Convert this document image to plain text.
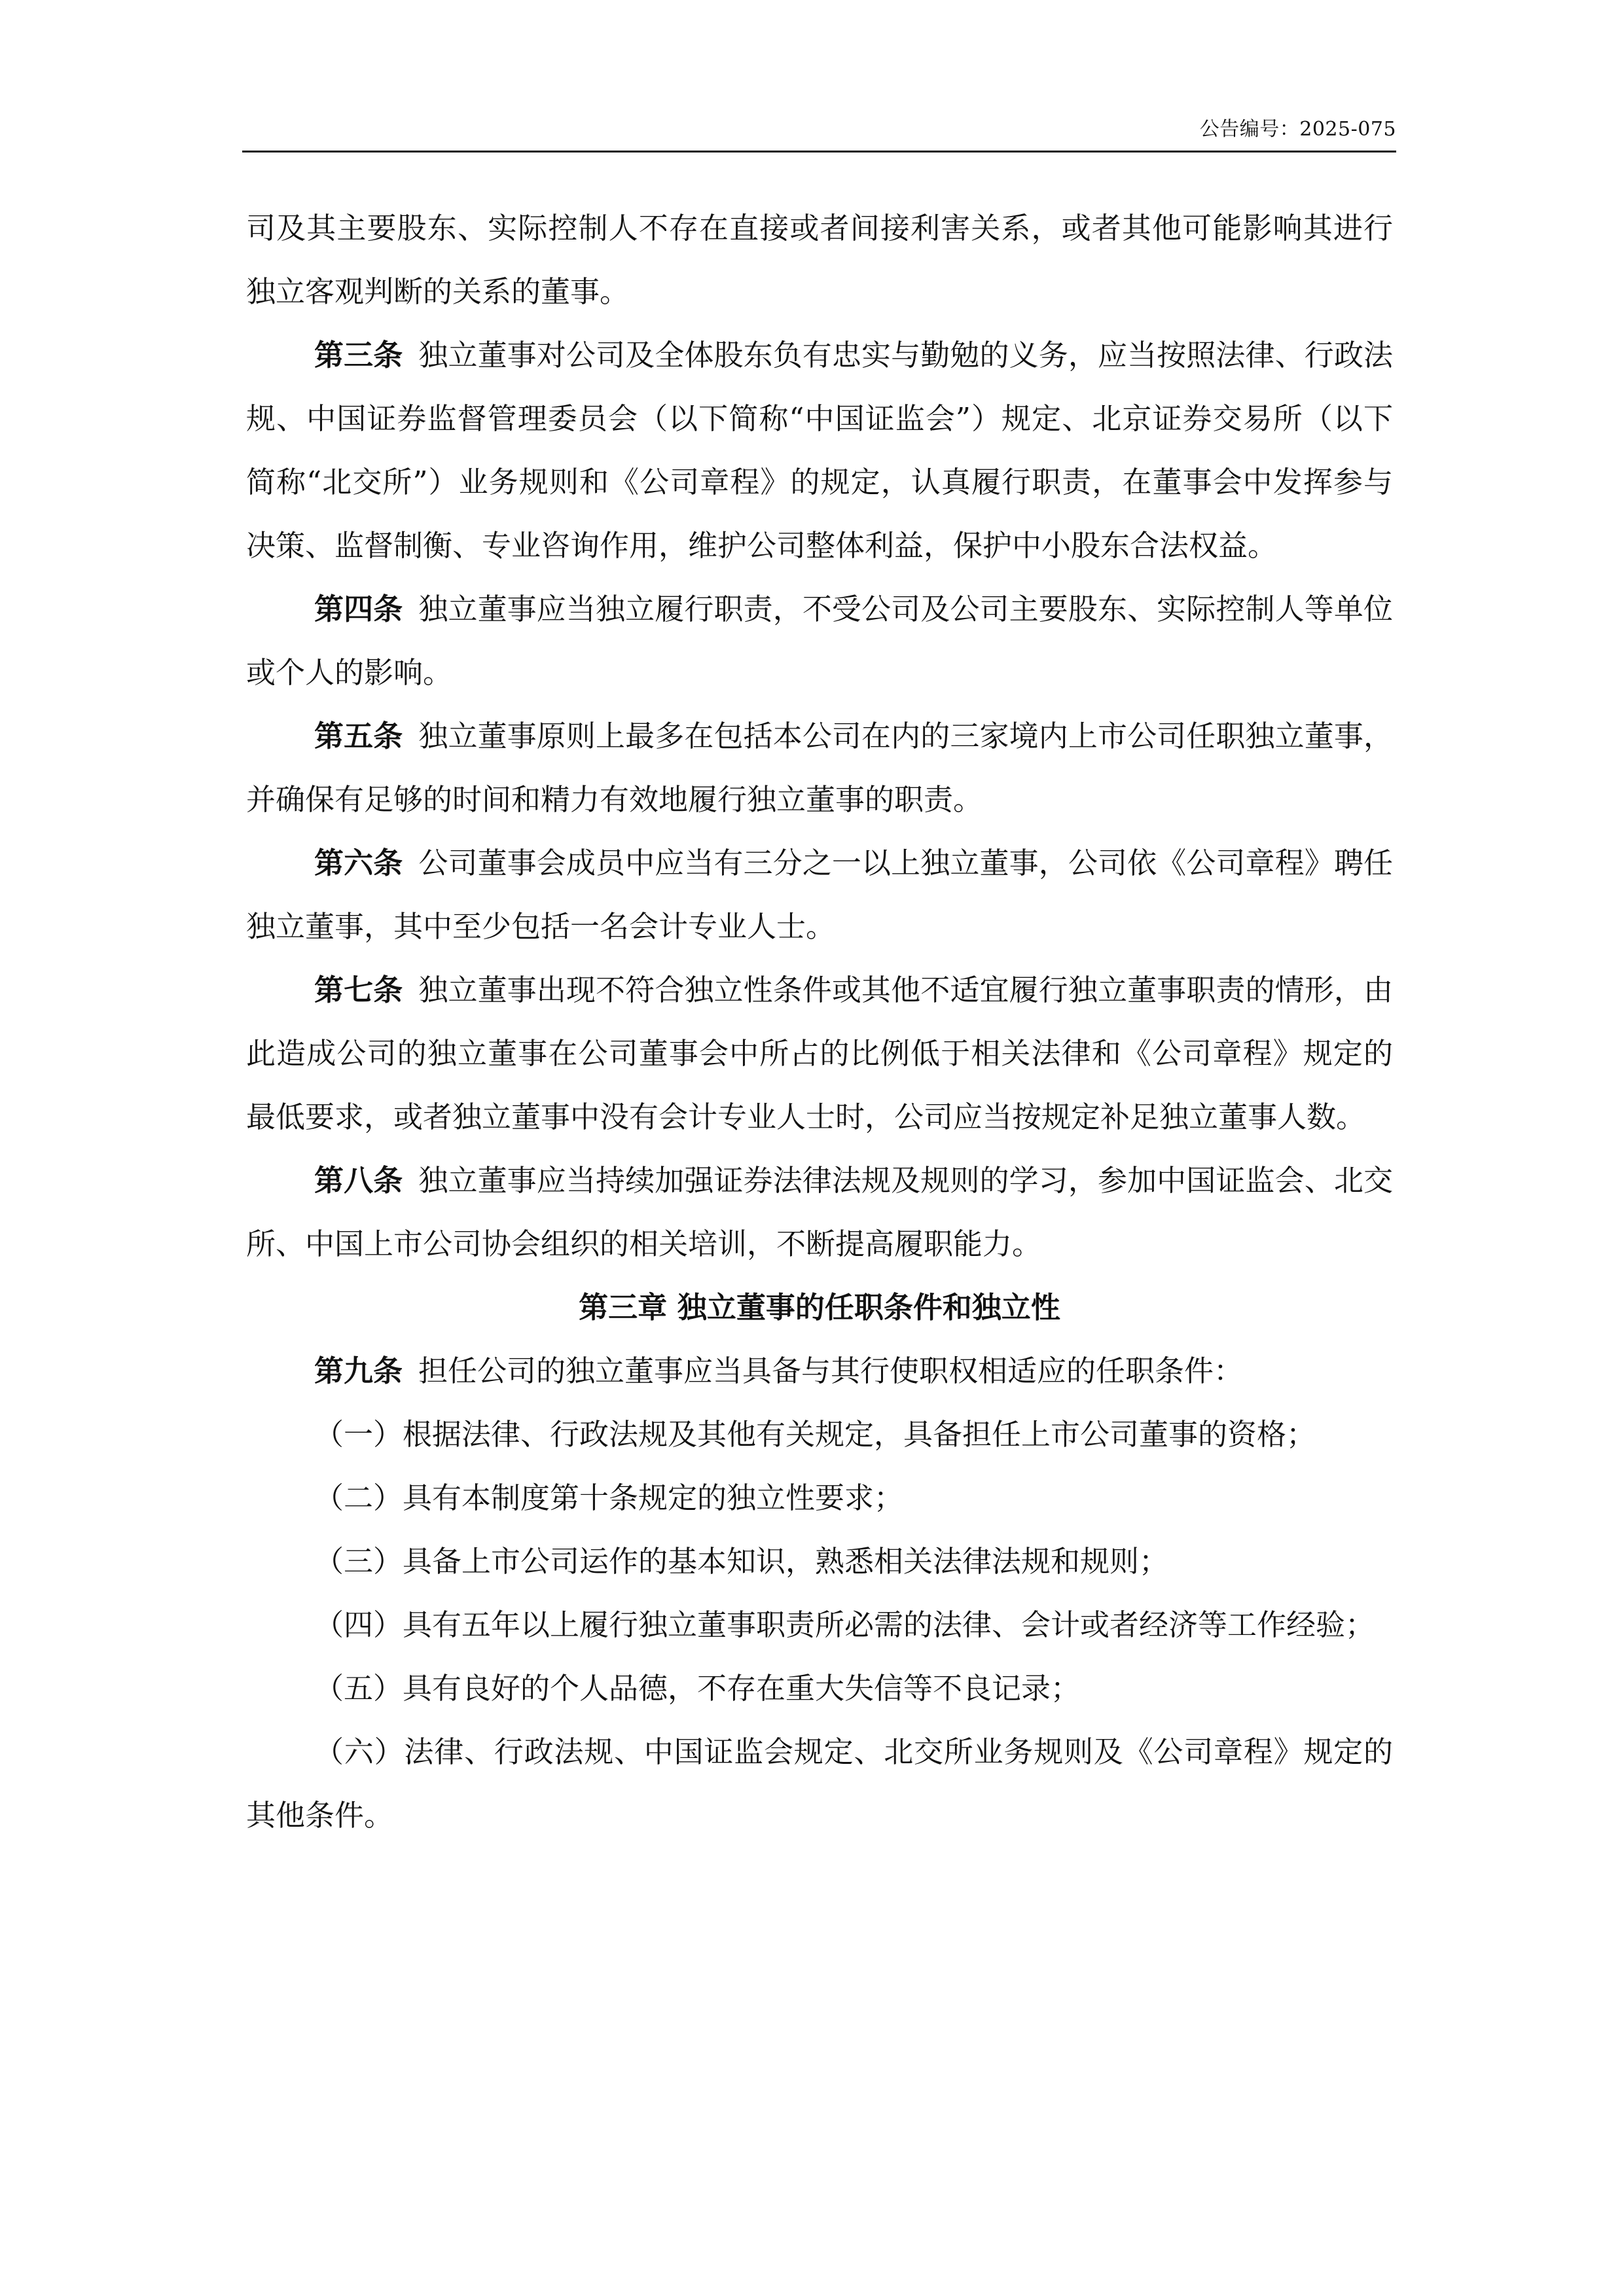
公告编号：2025-075

司及其主要股东、实际控制人不存在直接或者间接利害关系，或者其他可能影响其进行独立客观判断的关系的董事。

第三条 独立董事对公司及全体股东负有忠实与勤勉的义务，应当按照法律、行政法规、中国证券监督管理委员会（以下简称“中国证监会”）规定、北京证券交易所（以下简称“北交所”）业务规则和《公司章程》的规定，认真履行职责，在董事会中发挥参与决策、监督制衡、专业咨询作用，维护公司整体利益，保护中小股东合法权益。

第四条 独立董事应当独立履行职责，不受公司及公司主要股东、实际控制人等单位或个人的影响。

第五条 独立董事原则上最多在包括本公司在内的三家境内上市公司任职独立董事，并确保有足够的时间和精力有效地履行独立董事的职责。

第六条 公司董事会成员中应当有三分之一以上独立董事，公司依《公司章程》聘任独立董事，其中至少包括一名会计专业人士。

第七条 独立董事出现不符合独立性条件或其他不适宜履行独立董事职责的情形，由此造成公司的独立董事在公司董事会中所占的比例低于相关法律和《公司章程》规定的最低要求，或者独立董事中没有会计专业人士时，公司应当按规定补足独立董事人数。

第八条 独立董事应当持续加强证券法律法规及规则的学习，参加中国证监会、北交所、中国上市公司协会组织的相关培训，不断提高履职能力。

第三章 独立董事的任职条件和独立性

第九条 担任公司的独立董事应当具备与其行使职权相适应的任职条件：

（一）根据法律、行政法规及其他有关规定，具备担任上市公司董事的资格；

（二）具有本制度第十条规定的独立性要求；

（三）具备上市公司运作的基本知识，熟悉相关法律法规和规则；

（四）具有五年以上履行独立董事职责所必需的法律、会计或者经济等工作经验；

（五）具有良好的个人品德，不存在重大失信等不良记录；

（六）法律、行政法规、中国证监会规定、北交所业务规则及《公司章程》规定的其他条件。
